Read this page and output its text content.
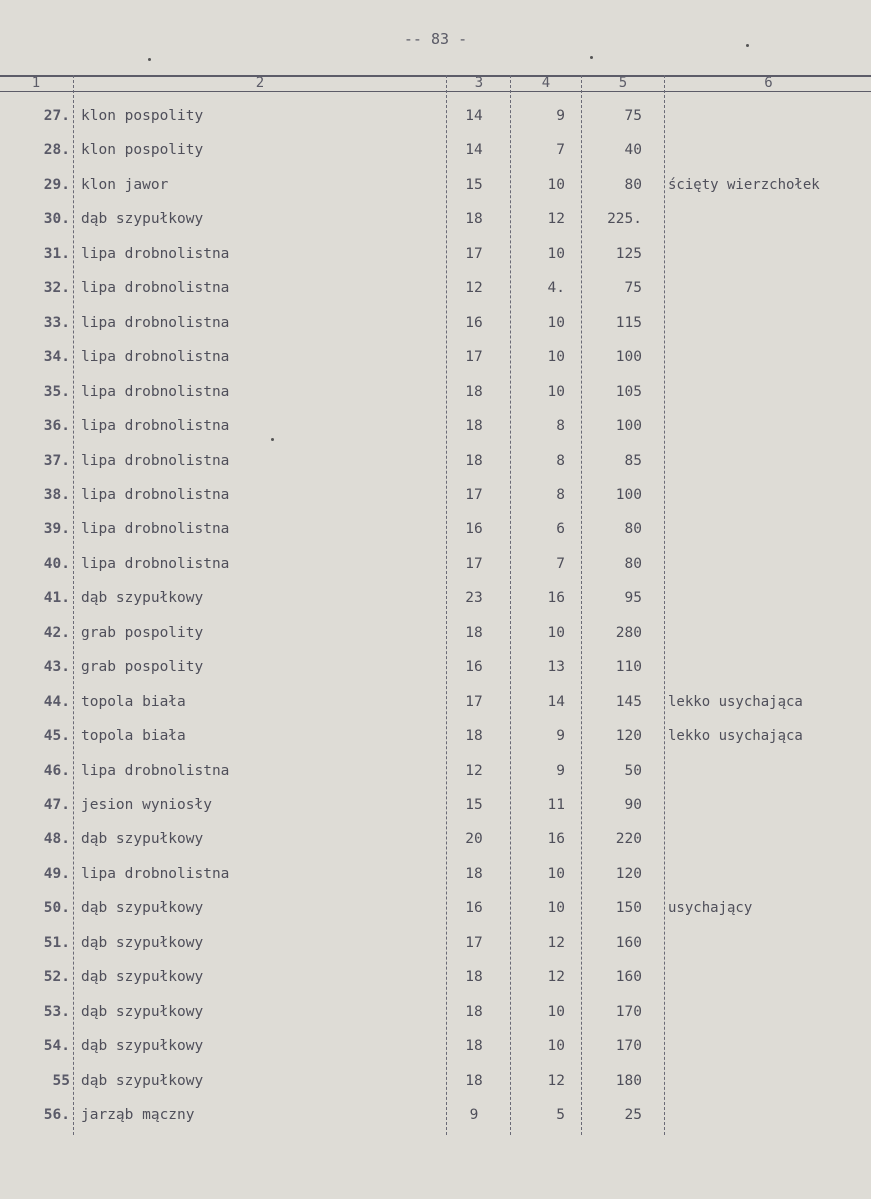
-- 83 -
1	2	3	4	5	6
27. klon pospolity	14	9	75
28. klon pospolity	14	7	40
29. klon jawor	15	10	80 ścięty wierzchołek
30. dąb szypułkowy	18	12	225.
31. lipa drobnolistna	17	10	125
32. lipa drobnolistna	12	4.	75
33. lipa drobnolistna	16	10	115
34. lipa drobnolistna	17	10	100
35. lipa drobnolistna	18	10	105
36. lipa drobnolistna	18	8	100
37. lipa drobnolistna	18	8	85
38. lipa drobnolistna	17	8	100
39. lipa drobnolistna	16	6	80
40. lipa drobnolistna	17	7	80
41. dąb szypułkowy	23	16	95
42. grab pospolity	18	10	280
43. grab pospolity	16	13	110
44. topola biała	17	14	145 lekko usychająca
45. topola biała	18	9	120 lekko usychająca
46. lipa drobnolistna	12	9	50
47. jesion wyniosły	15	11	90
48. dąb szypułkowy	20	16	220
49. lipa drobnolistna	18	10	120
50. dąb szypułkowy	16	10	150 usychający
51. dąb szypułkowy	17	12	160
52. dąb szypułkowy	18	12	160
53. dąb szypułkowy	18	10	170
54. dąb szypułkowy	18	10	170
55 dąb szypułkowy	18	12	180
56. jarząb mączny	9	5	25
